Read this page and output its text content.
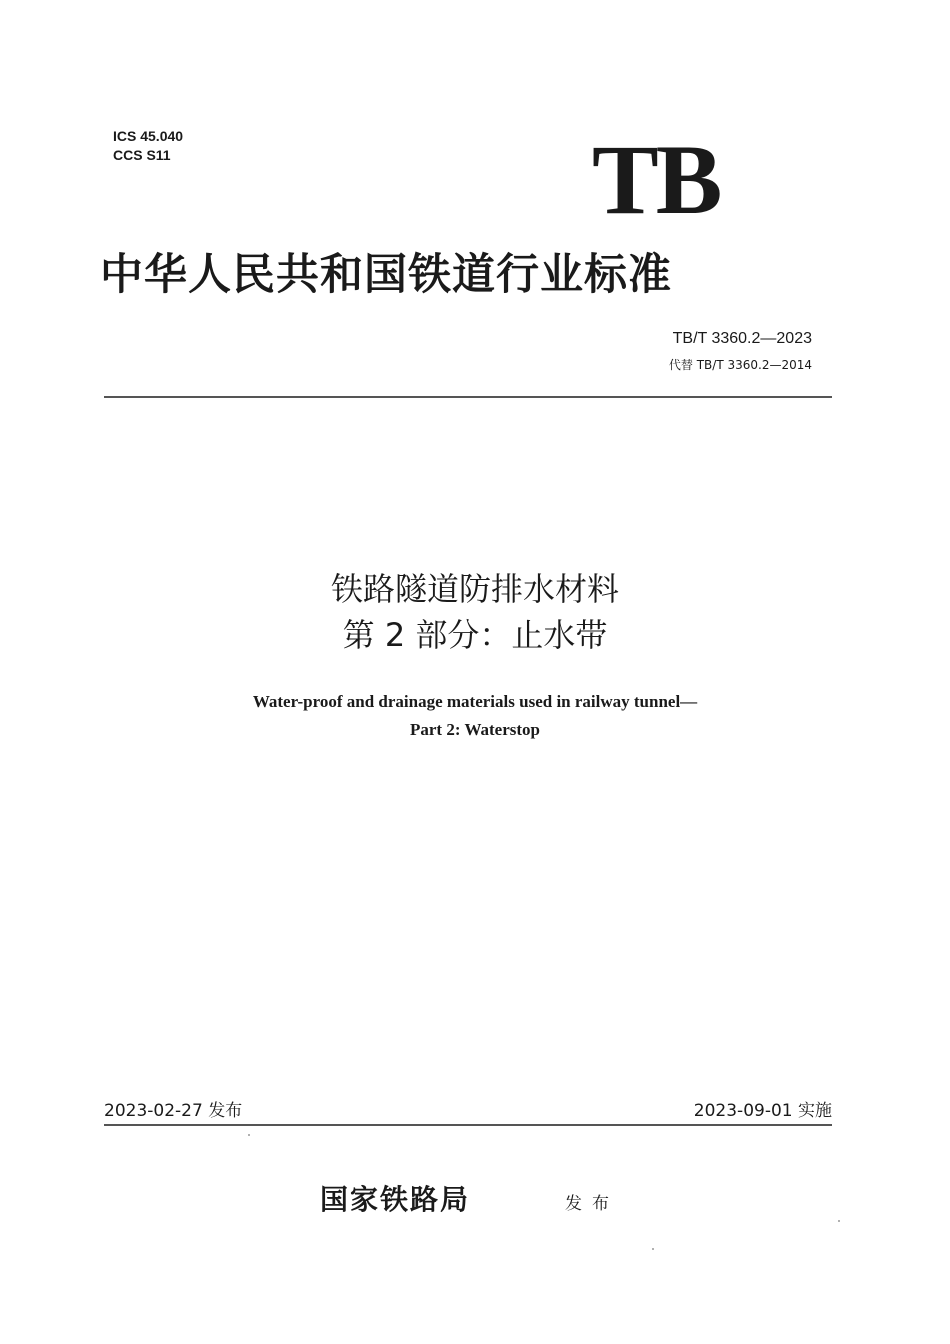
ICS 45.040
CCS S11	TB
中华人民共和国铁道行业标准
TB/T 3360.2—2023
代替 TB/T 3360.2—2014
铁路隧道防排水材料
第 2 部分：止水带
Water-proof and drainage materials used in railway tunnel—
Part 2: Waterstop
2023-02-27 发布	2023-09-01 实施
国家铁路局	发布
